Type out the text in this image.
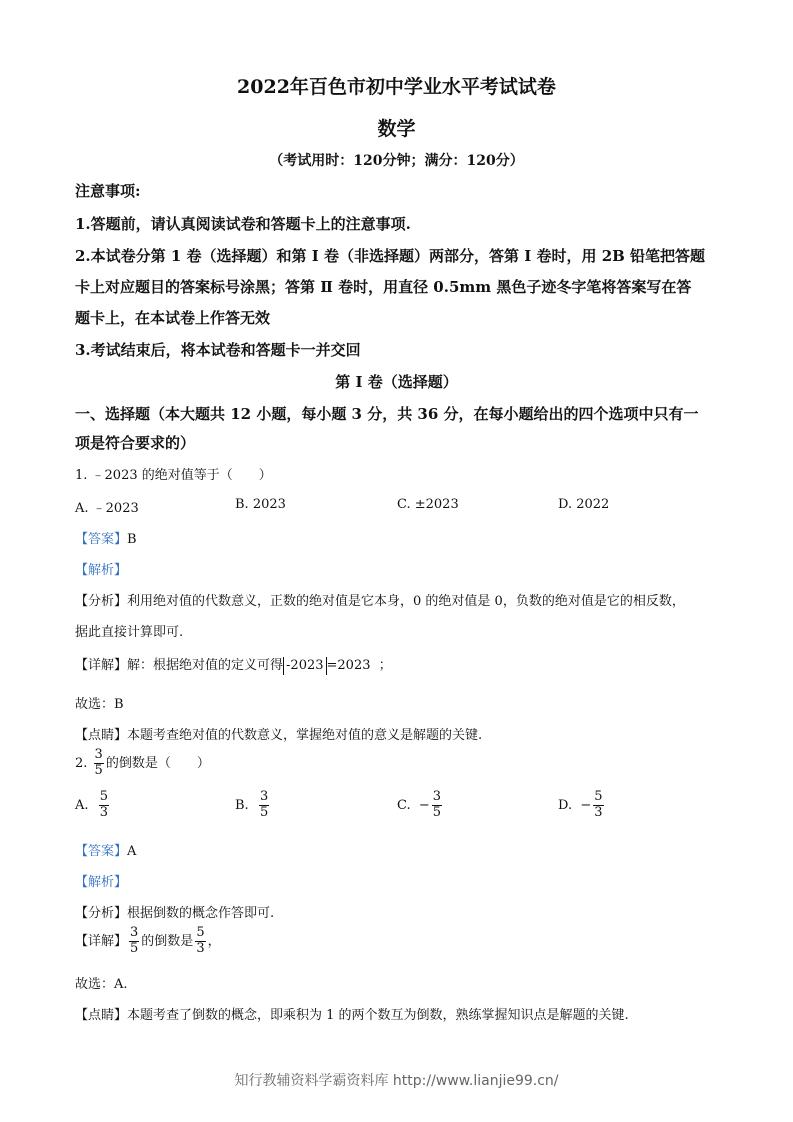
2022年百色市初中学业水平考试试卷
数学
（考试用时：120分钟；满分：120分）
注意事项:
1.答题前，请认真阅读试卷和答题卡上的注意事项.
2.本试卷分第 1 卷（选择题）和第 I 卷（非选择题）两部分，答第 I 卷时，用 2B 铅笔把答题
卡上对应题目的答案标号涂黑；答第 Ⅱ 卷时，用直径 0.5mm 黑色子迹冬字笔将答案写在答
题卡上，在本试卷上作答无效
3.考试结束后，将本试卷和答题卡一并交回
第 I 卷（选择题）
一、选择题（本大题共 12 小题，每小题 3 分，共 36 分，在每小题给出的四个选项中只有一
项是符合要求的）
1. ﹣2023 的绝对值等于（　　）
A. ﹣2023	B. 2023	C. ±2023	D. 2022
【答案】B
【解析】
【分析】利用绝对值的代数意义，正数的绝对值是它本身，0 的绝对值是 0，负数的绝对值是它的相反数，
据此直接计算即可.
【详解】解：根据绝对值的定义可得 -2023 =2023 ；
故选：B
【点睛】本题考查绝对值的代数意义，掌握绝对值的意义是解题的关键.
2. $\frac{3}{5}$ 的倒数是（　　）
A. $\frac{5}{3}$	B. $\frac{3}{5}$	C. − $\frac{3}{5}$	D. − $\frac{5}{3}$
【答案】A
【解析】
【分析】根据倒数的概念作答即可.
【详解】 $\frac{3}{5}$ 的倒数是 $\frac{5}{3}$ ，
故选：A.
【点睛】本题考查了倒数的概念，即乘积为 1 的两个数互为倒数，熟练掌握知识点是解题的关键.
知行教辅资料学霸资料库 http://www.lianjie99.cn/
